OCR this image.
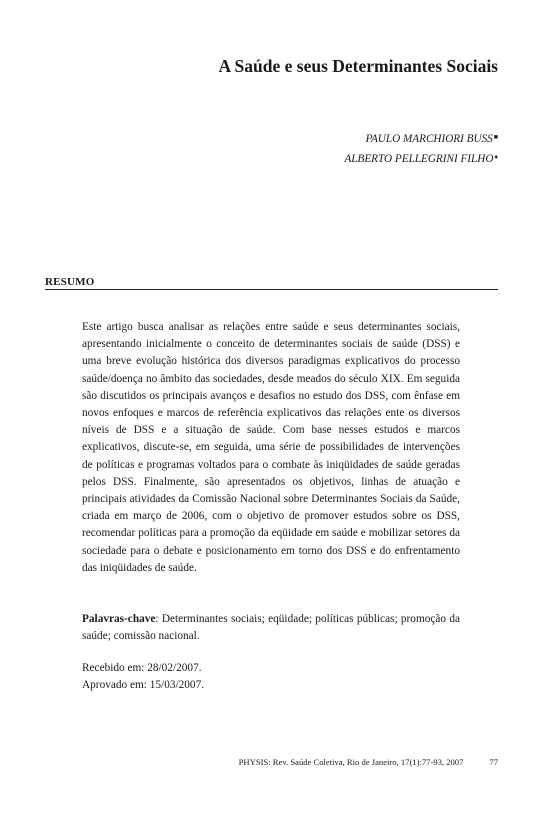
A Saúde e seus Determinantes Sociais
PAULO MARCHIORI BUSS■
ALBERTO PELLEGRINI FILHO♦
RESUMO

Este artigo busca analisar as relações entre saúde e seus determinantes sociais, apresentando inicialmente o conceito de determinantes sociais de saúde (DSS) e uma breve evolução histórica dos diversos paradigmas explicativos do processo saúde/doença no âmbito das sociedades, desde meados do século XIX. Em seguida são discutidos os principais avanços e desafios no estudo dos DSS, com ênfase em novos enfoques e marcos de referência explicativos das relações ente os diversos níveis de DSS e a situação de saúde. Com base nesses estudos e marcos explicativos, discute-se, em seguida, uma série de possibilidades de intervenções de políticas e programas voltados para o combate às iniqüidades de saúde geradas pelos DSS. Finalmente, são apresentados os objetivos, linhas de atuação e principais atividades da Comissão Nacional sobre Determinantes Sociais da Saúde, criada em março de 2006, com o objetivo de promover estudos sobre os DSS, recomendar políticas para a promoção da eqüidade em saúde e mobilizar setores da sociedade para o debate e posicionamento em torno dos DSS e do enfrentamento das iniqüidades de saúde.

Palavras-chave: Determinantes sociais; eqüidade; políticas públicas; promoção da saúde; comissão nacional.

Recebido em: 28/02/2007.
Aprovado em: 15/03/2007.
PHYSIS: Rev. Saúde Coletiva, Rio de Janeiro, 17(1):77-93, 2007	77
